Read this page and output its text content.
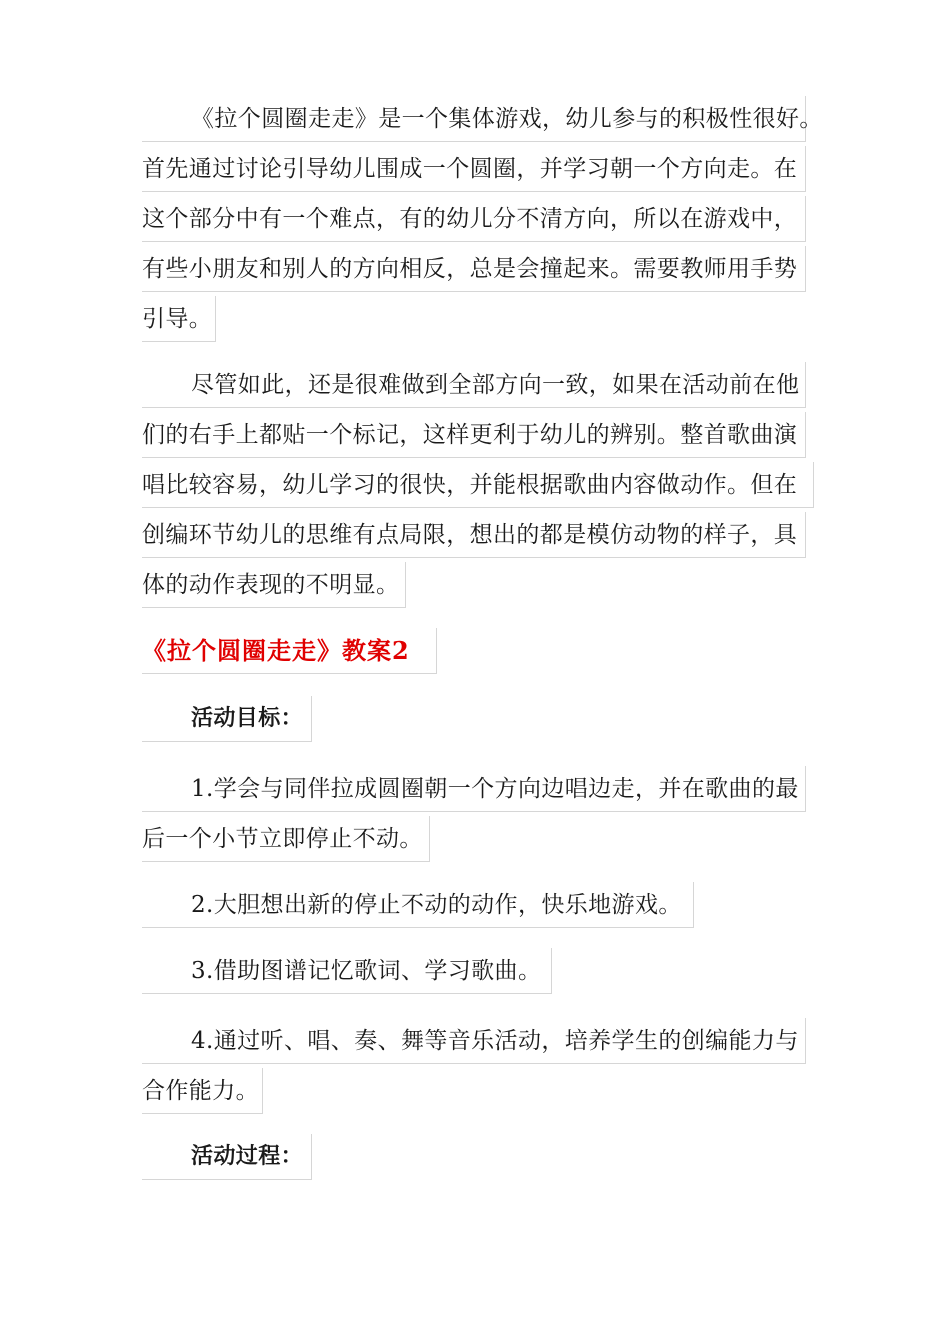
《拉个圆圈走走》是一个集体游戏，幼儿参与的积极性很好。
首先通过讨论引导幼儿围成一个圆圈，并学习朝一个方向走。在
这个部分中有一个难点，有的幼儿分不清方向，所以在游戏中，
有些小朋友和别人的方向相反，总是会撞起来。需要教师用手势
引导。
尽管如此，还是很难做到全部方向一致，如果在活动前在他
们的右手上都贴一个标记，这样更利于幼儿的辨别。整首歌曲演
唱比较容易，幼儿学习的很快，并能根据歌曲内容做动作。但在
创编环节幼儿的思维有点局限，想出的都是模仿动物的样子，具
体的动作表现的不明显。
《拉个圆圈走走》教案2
活动目标：
1.学会与同伴拉成圆圈朝一个方向边唱边走，并在歌曲的最
后一个小节立即停止不动。
2.大胆想出新的停止不动的动作，快乐地游戏。
3.借助图谱记忆歌词、学习歌曲。
4.通过听、唱、奏、舞等音乐活动，培养学生的创编能力与
合作能力。
活动过程：
